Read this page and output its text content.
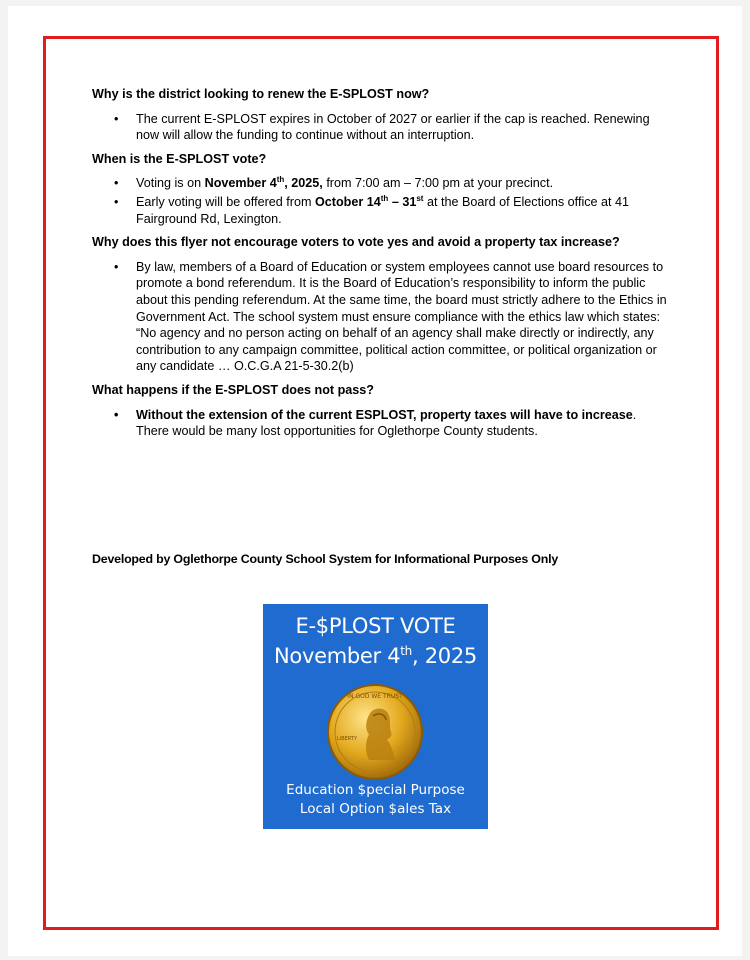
Why is the district looking to renew the E-SPLOST now?

• The current E-SPLOST expires in October of 2027 or earlier if the cap is reached. Renewing now will allow the funding to continue without an interruption.

When is the E-SPLOST vote?

• Voting is on November 4th, 2025, from 7:00 am – 7:00 pm at your precinct.
• Early voting will be offered from October 14th – 31st at the Board of Elections office at 41 Fairground Rd, Lexington.

Why does this flyer not encourage voters to vote yes and avoid a property tax increase?

• By law, members of a Board of Education or system employees cannot use board resources to promote a bond referendum. It is the Board of Education’s responsibility to inform the public about this pending referendum. At the same time, the board must strictly adhere to the Ethics in Government Act. The school system must ensure compliance with the ethics law which states: “No agency and no person acting on behalf of an agency shall make directly or indirectly, any contribution to any campaign committee, political action committee, or political organization or any candidate … O.C.G.A 21-5-30.2(b)

What happens if the E-SPLOST does not pass?

• Without the extension of the current ESPLOST, property taxes will have to increase. There would be many lost opportunities for Oglethorpe County students.
Developed by Oglethorpe County School System for Informational Purposes Only
E-$PLOST VOTE
November 4th, 2025
IN GOD WE TRUST
LIBERTY
Education $pecial Purpose
Local Option $ales Tax
